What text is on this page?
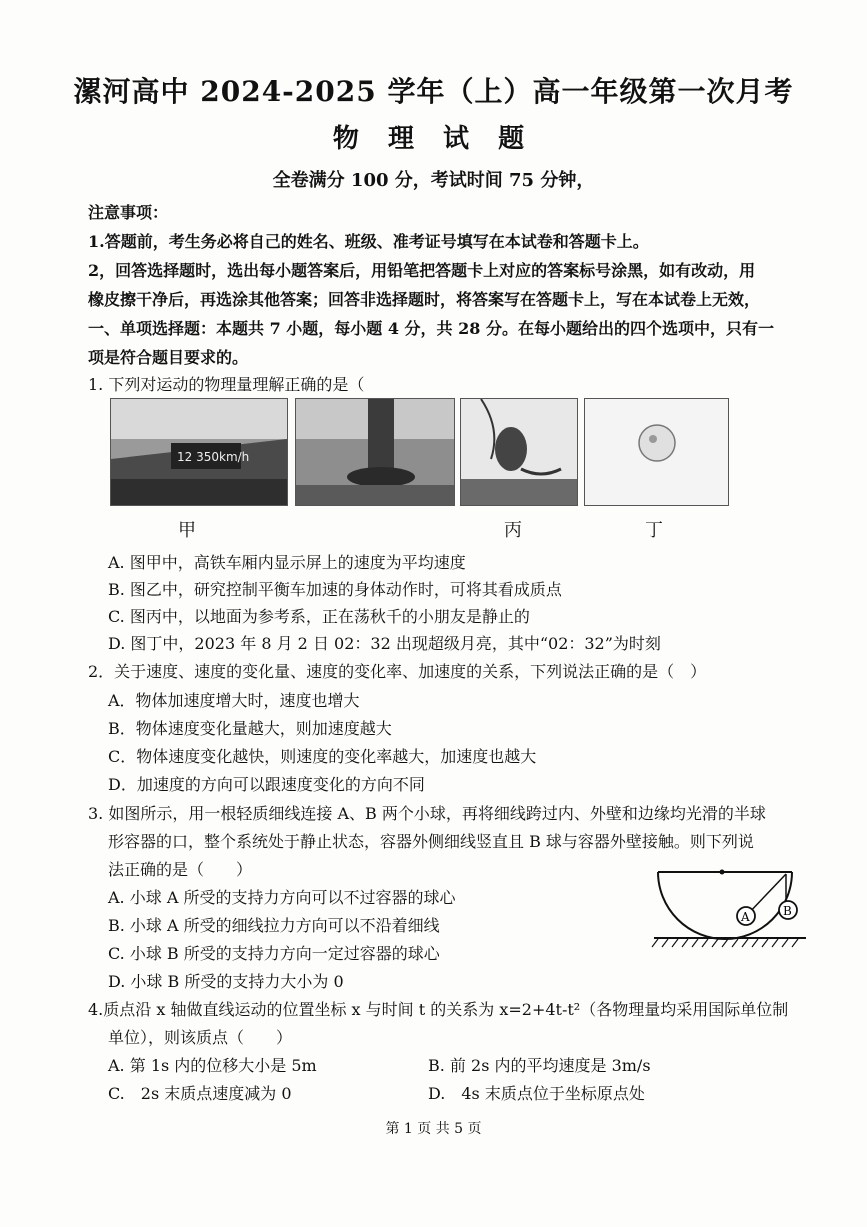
漯河高中 2024-2025 学年（上）高一年级第一次月考
物 理 试 题
全卷满分 100 分，考试时间 75 分钟，
注意事项：
1.答题前，考生务必将自己的姓名、班级、准考证号填写在本试卷和答题卡上。
2，回答选择题时，选出每小题答案后，用铅笔把答题卡上对应的答案标号涂黑，如有改动，用
橡皮擦干净后，再选涂其他答案；回答非选择题时，将答案写在答题卡上，写在本试卷上无效，
一、单项选择题：本题共 7 小题，每小题 4 分，共 28 分。在每小题给出的四个选项中，只有一
项是符合题目要求的。
1. 下列对运动的物理量理解正确的是（
12 350km/h
甲	丙	丁
A. 图甲中，高铁车厢内显示屏上的速度为平均速度
B. 图乙中，研究控制平衡车加速的身体动作时，可将其看成质点
C. 图丙中，以地面为参考系，正在荡秋千的小朋友是静止的
D. 图丁中，2023 年 8 月 2 日 02：32 出现超级月亮，其中“02：32”为时刻
2．关于速度、速度的变化量、速度的变化率、加速度的关系，下列说法正确的是（　）
A．物体加速度增大时，速度也增大
B．物体速度变化量越大，则加速度越大
C．物体速度变化越快，则速度的变化率越大，加速度也越大
D．加速度的方向可以跟速度变化的方向不同
3. 如图所示，用一根轻质细线连接 A、B 两个小球，再将细线跨过内、外壁和边缘均光滑的半球
形容器的口，整个系统处于静止状态，容器外侧细线竖直且 B 球与容器外壁接触。则下列说
法正确的是（　　）
A. 小球 A 所受的支持力方向可以不过容器的球心
B. 小球 A 所受的细线拉力方向可以不沿着细线
C. 小球 B 所受的支持力方向一定过容器的球心
D. 小球 B 所受的支持力大小为 0
A	B
4.质点沿 x 轴做直线运动的位置坐标 x 与时间 t 的关系为 x=2+4t-t²（各物理量均采用国际单位制
单位），则该质点（　　）
A. 第 1s 内的位移大小是 5m	B. 前 2s 内的平均速度是 3m/s
C.　2s 末质点速度减为 0	D.　4s 末质点位于坐标原点处
第 1 页 共 5 页
